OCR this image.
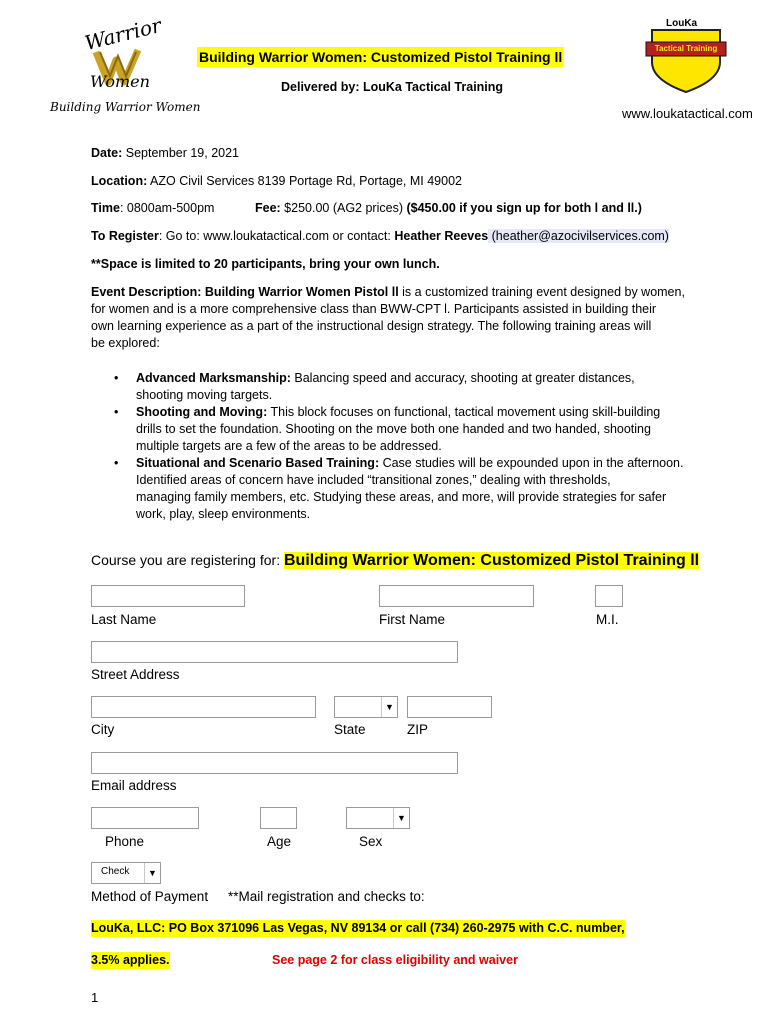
Warrior
Women
Building Warrior Women
LouKa
Tactical Training
Building Warrior Women: Customized Pistol Training ll
Delivered by: LouKa Tactical Training
www.loukatactical.com
Date: September 19, 2021
Location: AZO Civil Services 8139 Portage Rd, Portage, MI 49002
Time: 0800am-500pm	Fee: $250.00 (AG2 prices) ($450.00 if you sign up for both l and ll.)
To Register: Go to: www.loukatactical.com or contact: Heather Reeves (heather@azocivilservices.com)
**Space is limited to 20 participants, bring your own lunch.
Event Description: Building Warrior Women Pistol ll is a customized training event designed by women,
for women and is a more comprehensive class than BWW-CPT l. Participants assisted in building their
own learning experience as a part of the instructional design strategy. The following training areas will
be explored:
• Advanced Marksmanship: Balancing speed and accuracy, shooting at greater distances,
shooting moving targets.
• Shooting and Moving: This block focuses on functional, tactical movement using skill-building
drills to set the foundation. Shooting on the move both one handed and two handed, shooting
multiple targets are a few of the areas to be addressed.
• Situational and Scenario Based Training: Case studies will be expounded upon in the afternoon.
Identified areas of concern have included “transitional zones,” dealing with thresholds,
managing family members, etc. Studying these areas, and more, will provide strategies for safer
work, play, sleep environments.
Course you are registering for: Building Warrior Women: Customized Pistol Training ll
Last Name	First Name	M.I.
Street Address
▼
City	State	ZIP
Email address
▼
Phone	Age	Sex
Check	▼
Method of Payment **Mail registration and checks to:
LouKa, LLC: PO Box 371096 Las Vegas, NV 89134 or call (734) 260-2975 with C.C. number,
3.5% applies.	See page 2 for class eligibility and waiver
1
